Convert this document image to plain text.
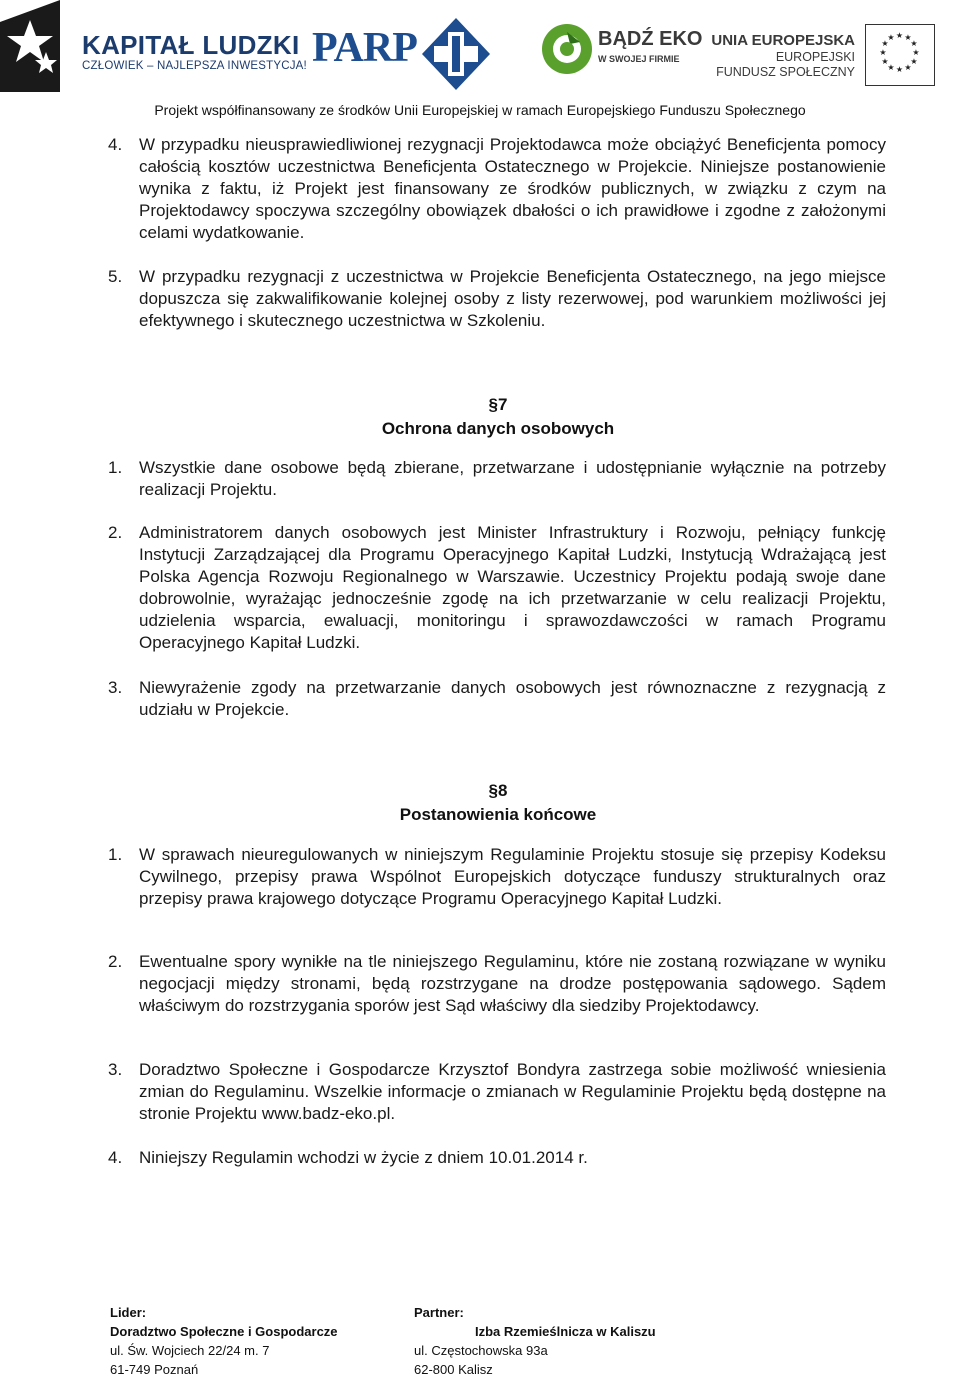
KAPITAŁ LUDZKI
CZŁOWIEK – NAJLEPSZA INWESTYCJA! PARP	BĄDŹ EKO
W SWOJEJ FIRMIE
UNIA EUROPEJSKA
EUROPEJSKI
FUNDUSZ SPOŁECZNY
★ ★
★
★
★
★
★
★
★
★
★
★
Projekt współfinansowany ze środków Unii Europejskiej w ramach Europejskiego Funduszu Społecznego
4. W przypadku nieusprawiedliwionej rezygnacji Projektodawca może obciążyć Beneficjenta pomocy całością kosztów uczestnictwa Beneficjenta Ostatecznego w Projekcie. Niniejsze postanowienie wynika z faktu, iż Projekt jest finansowany ze środków publicznych, w związku z czym na Projektodawcy spoczywa szczególny obowiązek dbałości o ich prawidłowe i zgodne z założonymi celami wydatkowanie.
5. W przypadku rezygnacji z uczestnictwa w Projekcie Beneficjenta Ostatecznego, na jego miejsce dopuszcza się zakwalifikowanie kolejnej osoby z listy rezerwowej, pod warunkiem możliwości jej efektywnego i skutecznego uczestnictwa w Szkoleniu.
§7
Ochrona danych osobowych
1. Wszystkie dane osobowe będą zbierane, przetwarzane i udostępnianie wyłącznie na potrzeby realizacji Projektu.
2. Administratorem danych osobowych jest Minister Infrastruktury i Rozwoju, pełniący funkcję Instytucji Zarządzającej dla Programu Operacyjnego Kapitał Ludzki, Instytucją Wdrażającą jest Polska Agencja Rozwoju Regionalnego w Warszawie. Uczestnicy Projektu podają swoje dane dobrowolnie, wyrażając jednocześnie zgodę na ich przetwarzanie w celu realizacji Projektu, udzielenia wsparcia, ewaluacji, monitoringu i sprawozdawczości w ramach Programu Operacyjnego Kapitał Ludzki.
3. Niewyrażenie zgody na przetwarzanie danych osobowych jest równoznaczne z rezygnacją z udziału w Projekcie.
§8
Postanowienia końcowe
1. W sprawach nieuregulowanych w niniejszym Regulaminie Projektu stosuje się przepisy Kodeksu Cywilnego, przepisy prawa Wspólnot Europejskich dotyczące funduszy strukturalnych oraz przepisy prawa krajowego dotyczące Programu Operacyjnego Kapitał Ludzki.
2. Ewentualne spory wynikłe na tle niniejszego Regulaminu, które nie zostaną rozwiązane w wyniku negocjacji między stronami, będą rozstrzygane na drodze postępowania sądowego. Sądem właściwym do rozstrzygania sporów jest Sąd właściwy dla siedziby Projektodawcy.
3. Doradztwo Społeczne i Gospodarcze Krzysztof Bondyra zastrzega sobie możliwość wniesienia zmian do Regulaminu. Wszelkie informacje o zmianach w Regulaminie Projektu będą dostępne na stronie Projektu www.badz-eko.pl.
4. Niniejszy Regulamin wchodzi w życie z dniem 10.01.2014 r.
Lider:
Doradztwo Społeczne i Gospodarcze
ul. Św. Wojciech 22/24 m. 7
61-749 Poznań
Partner:
Izba Rzemieślnicza w Kaliszu
ul. Częstochowska 93a
62-800 Kalisz
